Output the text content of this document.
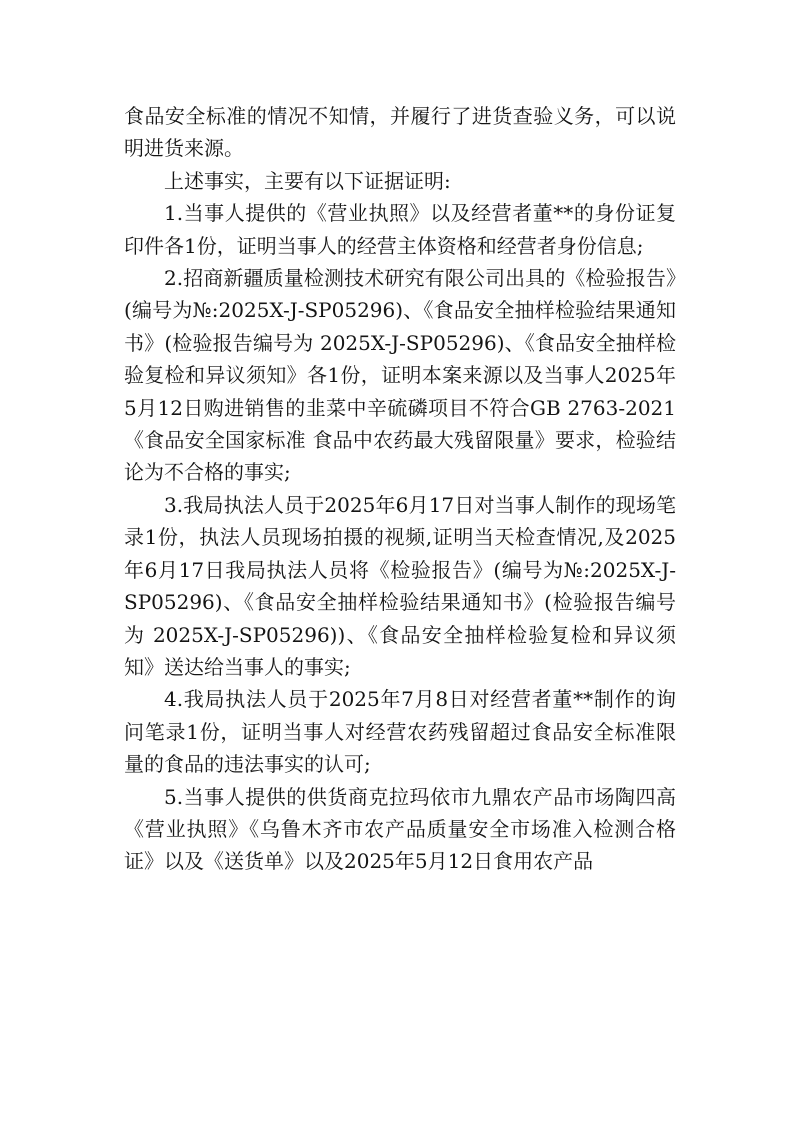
食品安全标准的情况不知情，并履行了进货查验义务，可以说明进货来源。

上述事实，主要有以下证据证明:

1.当事人提供的《营业执照》以及经营者董**的身份证复印件各1份，证明当事人的经营主体资格和经营者身份信息;

2.招商新疆质量检测技术研究有限公司出具的《检验报告》(编号为№:2025X-J-SP05296)、《食品安全抽样检验结果通知书》(检验报告编号为 2025X-J-SP05296)、《食品安全抽样检验复检和异议须知》各1份，证明本案来源以及当事人2025年5月12日购进销售的韭菜中辛硫磷项目不符合GB 2763-2021《食品安全国家标准 食品中农药最大残留限量》要求，检验结论为不合格的事实;

3.我局执法人员于2025年6月17日对当事人制作的现场笔录1份，执法人员现场拍摄的视频,证明当天检查情况,及2025年6月17日我局执法人员将《检验报告》(编号为№:2025X-J-SP05296)、《食品安全抽样检验结果通知书》(检验报告编号为 2025X-J-SP05296))、《食品安全抽样检验复检和异议须知》送达给当事人的事实;

4.我局执法人员于2025年7月8日对经营者董**制作的询问笔录1份，证明当事人对经营农药残留超过食品安全标准限量的食品的违法事实的认可;

5.当事人提供的供货商克拉玛依市九鼎农产品市场陶四高《营业执照》《乌鲁木齐市农产品质量安全市场准入检测合格证》以及《送货单》以及2025年5月12日食用农产品
